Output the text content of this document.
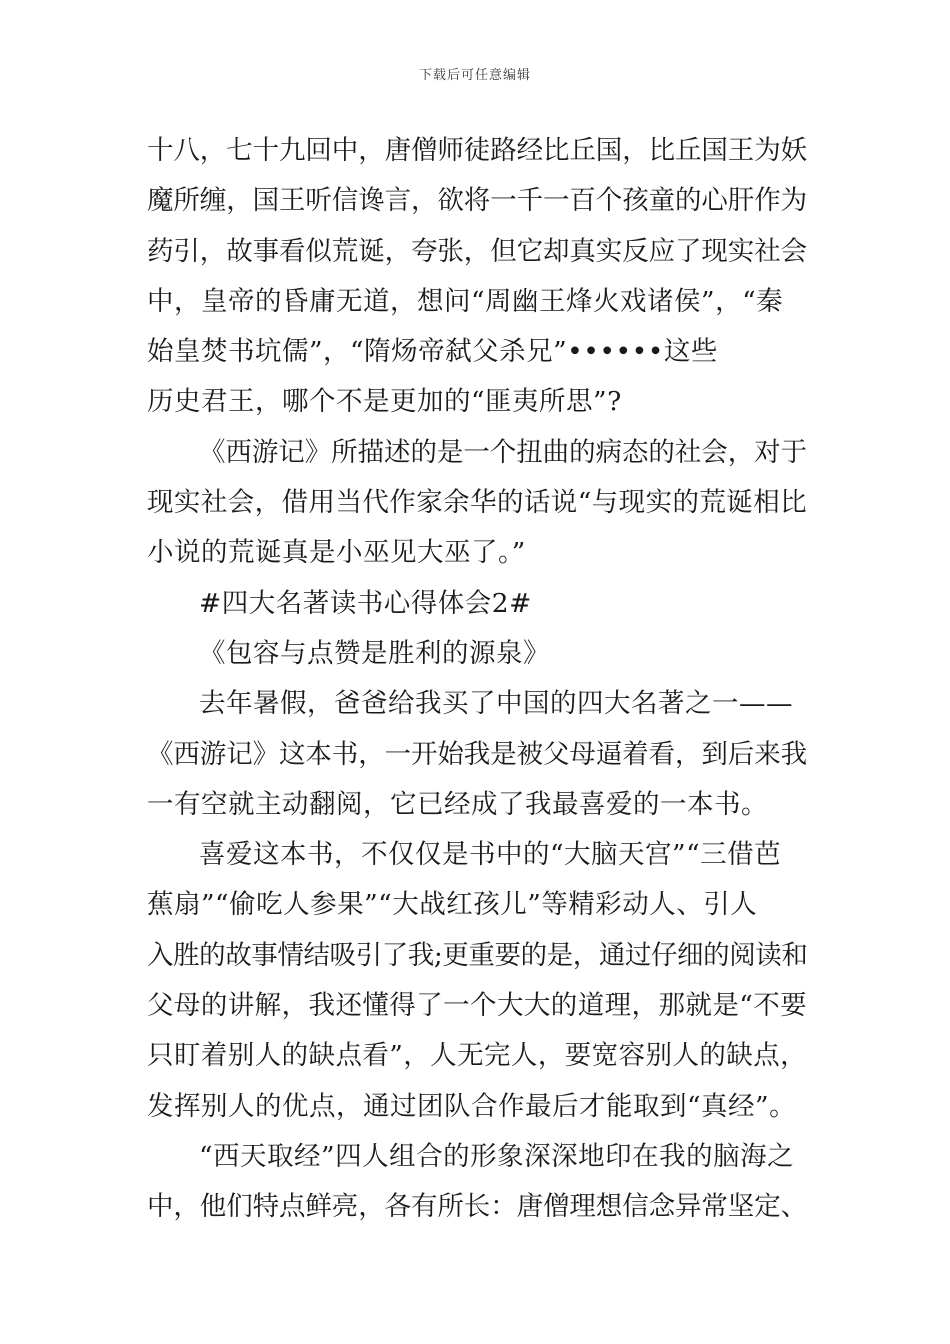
下载后可任意编辑
十八，七十九回中，唐僧师徒路经比丘国，比丘国王为妖
魔所缠，国王听信谗言，欲将一千一百个孩童的心肝作为
药引，故事看似荒诞，夸张，但它却真实反应了现实社会
中，皇帝的昏庸无道，想问“周幽王烽火戏诸侯”，“秦
始皇焚书坑儒”，“隋炀帝弑父杀兄”••••••这些
历史君王，哪个不是更加的“匪夷所思”?
《西游记》所描述的是一个扭曲的病态的社会，对于
现实社会，借用当代作家余华的话说“与现实的荒诞相比
小说的荒诞真是小巫见大巫了。”
#四大名著读书心得体会2#
《包容与点赞是胜利的源泉》
去年暑假，爸爸给我买了中国的四大名著之一——
《西游记》这本书，一开始我是被父母逼着看，到后来我
一有空就主动翻阅，它已经成了我最喜爱的一本书。
喜爱这本书，不仅仅是书中的“大脑天宫”“三借芭
蕉扇”“偷吃人参果”“大战红孩儿”等精彩动人、引人
入胜的故事情结吸引了我;更重要的是，通过仔细的阅读和
父母的讲解，我还懂得了一个大大的道理，那就是“不要
只盯着别人的缺点看”，人无完人，要宽容别人的缺点，
发挥别人的优点，通过团队合作最后才能取到“真经”。
“西天取经”四人组合的形象深深地印在我的脑海之
中，他们特点鲜亮，各有所长：唐僧理想信念异常坚定、
